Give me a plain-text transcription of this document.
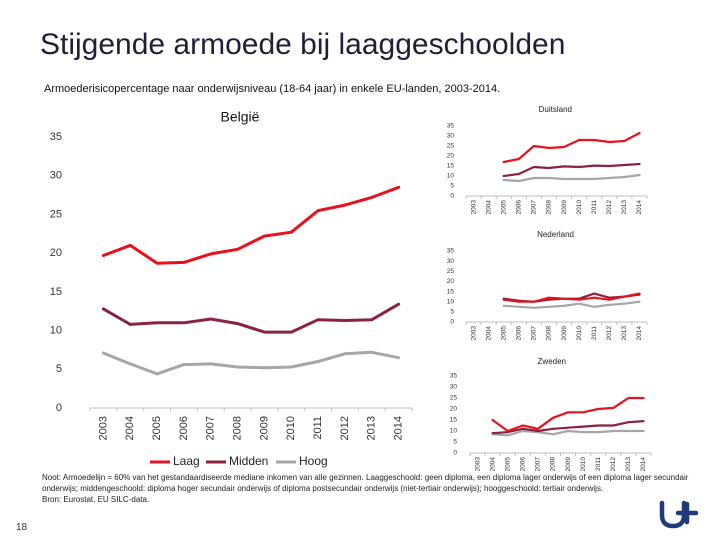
Stijgende armoede bij laaggeschoolden
Armoederisicopercentage naar onderwijsniveau (18-64 jaar) in enkele EU-landen, 2003-2014.
België
0
5
10
15
20
25
30
35
2003 2004 2005 2006 2007 2008 2009 2010 2011 2012 2013 2014
Laag Midden	Hoog
Duitsland
0
5
10
15
20
25
30
35
2003 2004 2005 2006 2007 2008 2009 2010 2011 2012 2013 2014
Nederland
0
5
10
15
20
25
30
35
2003 2004 2005 2006 2007 2008 2009 2010 2011 2012 2013 2014
Zweden
0
5
10
15
20
25
30
35
2003 2004 2005 2006 2007 2008 2009 2010 2011 2012 2013 2014
Noot: Armoedelijn = 60% van het gestandaardiseerde mediane inkomen van alle gezinnen. Laaggeschoold: geen diploma, een diploma lager onderwijs of een diploma lager secundair onderwijs; middengeschoold: diploma hoger secundair onderwijs of diploma postsecundair onderwijs (niet-tertiair onderwijs); hooggeschoold: tertiair onderwijs.
Bron: Eurostat, EU SILC-data.
18
